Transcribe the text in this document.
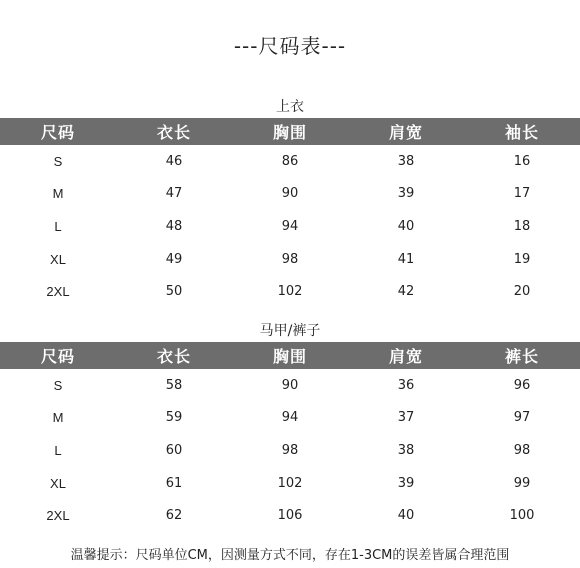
---尺码表---
上衣
尺码	衣长	胸围	肩宽	袖长
S	46	86	38	16
M	47	90	39	17
L	48	94	40	18
XL	49	98	41	19
2XL	50	102	42	20
马甲/裤子
尺码	衣长	胸围	肩宽	裤长
S	58	90	36	96
M	59	94	37	97
L	60	98	38	98
XL	61	102	39	99
2XL	62	106	40	100
温馨提示：尺码单位CM，因测量方式不同，存在1-3CM的误差皆属合理范围
